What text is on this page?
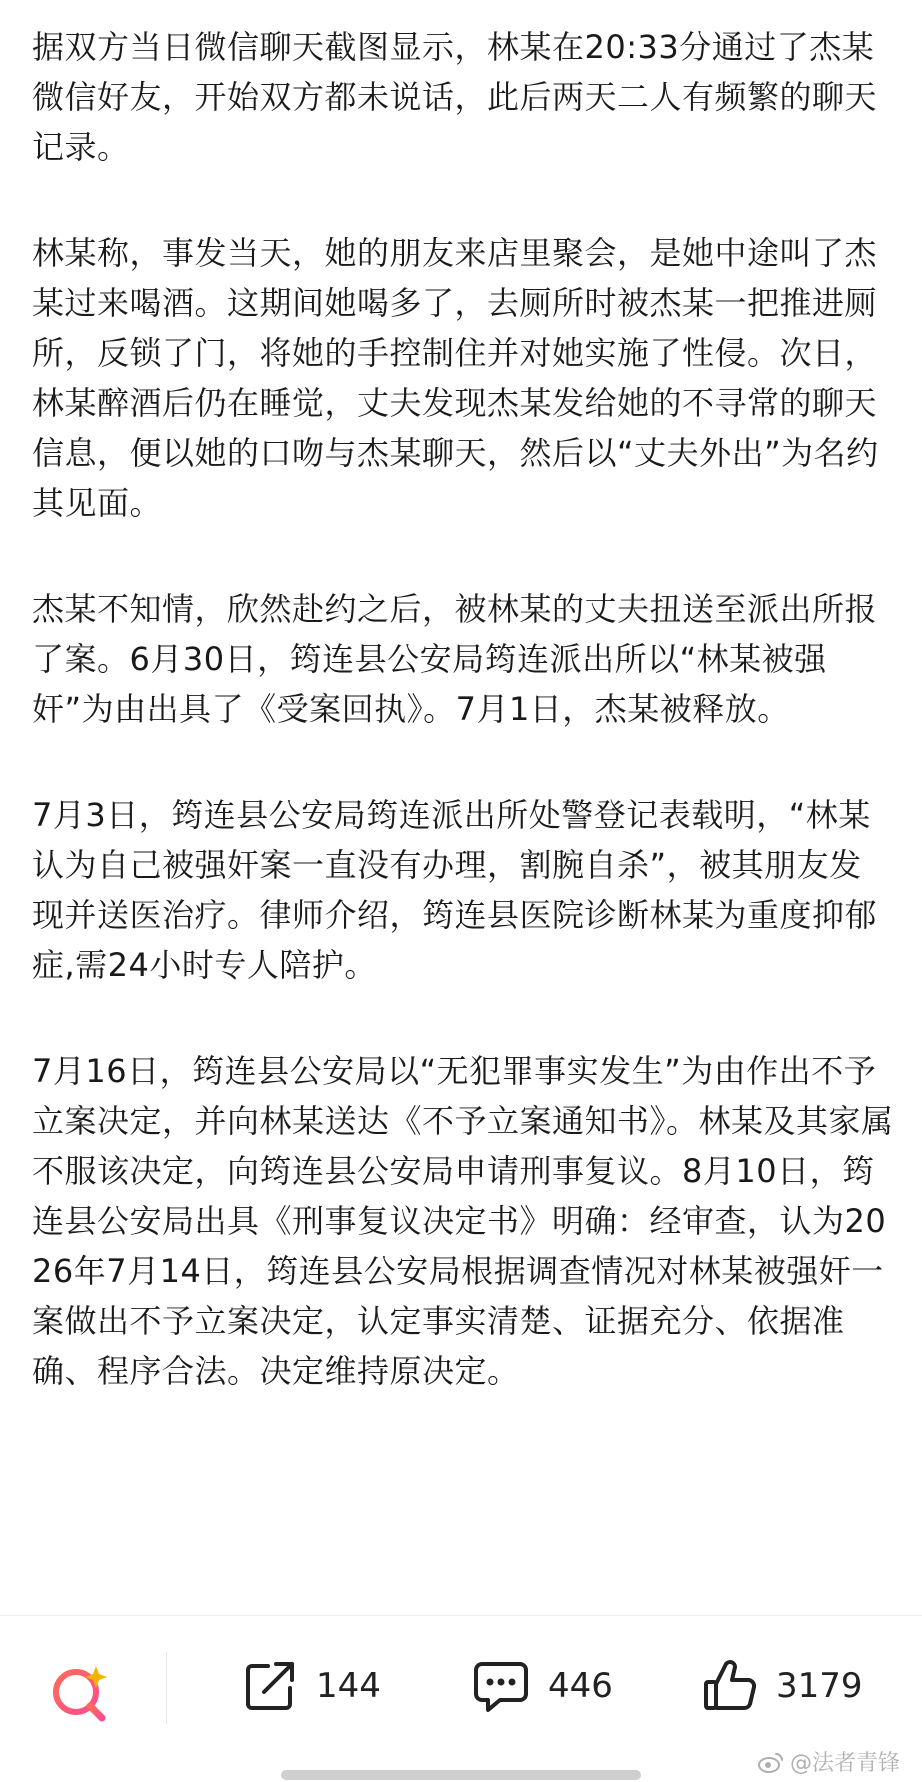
据双方当日微信聊天截图显示，林某在20:33分通过了杰某微信好友，开始双方都未说话，此后两天二人有频繁的聊天记录。

林某称，事发当天，她的朋友来店里聚会，是她中途叫了杰某过来喝酒。这期间她喝多了，去厕所时被杰某一把推进厕所，反锁了门，将她的手控制住并对她实施了性侵。次日，林某醉酒后仍在睡觉，丈夫发现杰某发给她的不寻常的聊天信息，便以她的口吻与杰某聊天，然后以“丈夫外出”为名约其见面。

杰某不知情，欣然赴约之后，被林某的丈夫扭送至派出所报了案。6月30日，筠连县公安局筠连派出所以“林某被强奸”为由出具了《受案回执》。7月1日，杰某被释放。

7月3日，筠连县公安局筠连派出所处警登记表载明，“林某认为自己被强奸案一直没有办理，割腕自杀”，被其朋友发现并送医治疗。律师介绍，筠连县医院诊断林某为重度抑郁症,需24小时专人陪护。

7月16日，筠连县公安局以“无犯罪事实发生”为由作出不予立案决定，并向林某送达《不予立案通知书》。林某及其家属不服该决定，向筠连县公安局申请刑事复议。8月10日，筠连县公安局出具《刑事复议决定书》明确：经审查，认为2026年7月14日，筠连县公安局根据调查情况对林某被强奸一案做出不予立案决定，认定事实清楚、证据充分、依据准确、程序合法。决定维持原决定。

144	446	3179
@法者青锋
